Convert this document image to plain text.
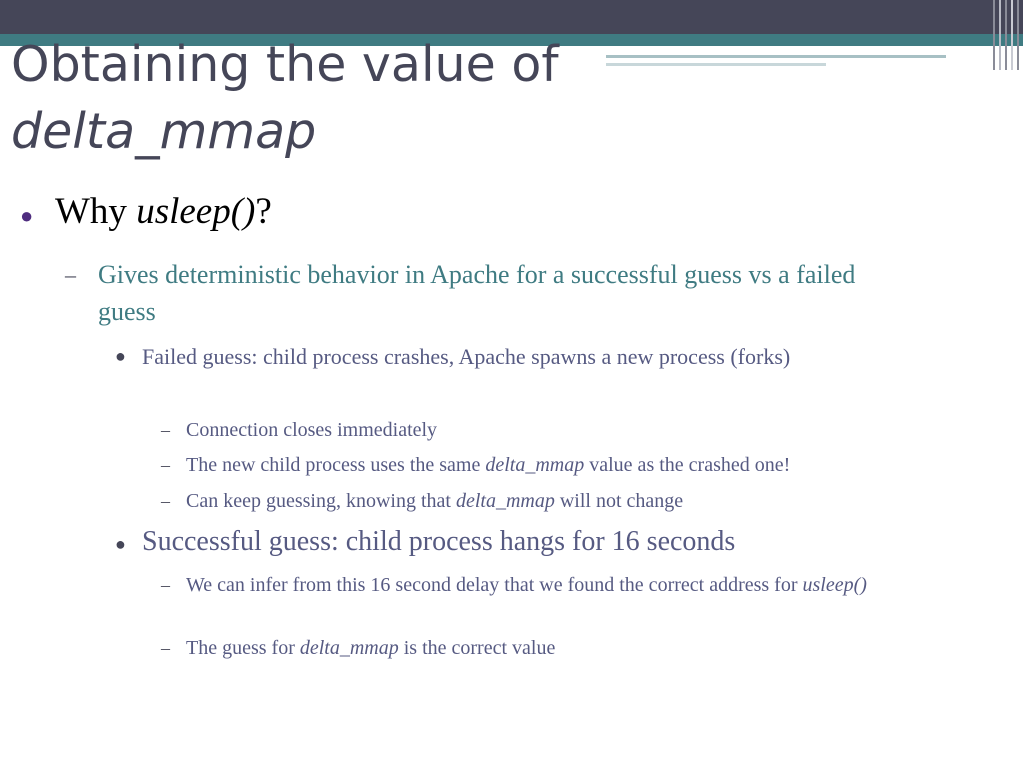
Obtaining the value of
delta_mmap
● Why usleep()?
– Gives deterministic behavior in Apache for a successful guess vs a failed guess
● Failed guess: child process crashes, Apache spawns a new process (forks)
– Connection closes immediately
– The new child process uses the same delta_mmap value as the crashed one!
– Can keep guessing, knowing that delta_mmap will not change
● Successful guess: child process hangs for 16 seconds
– We can infer from this 16 second delay that we found the correct address for usleep()
– The guess for delta_mmap is the correct value
